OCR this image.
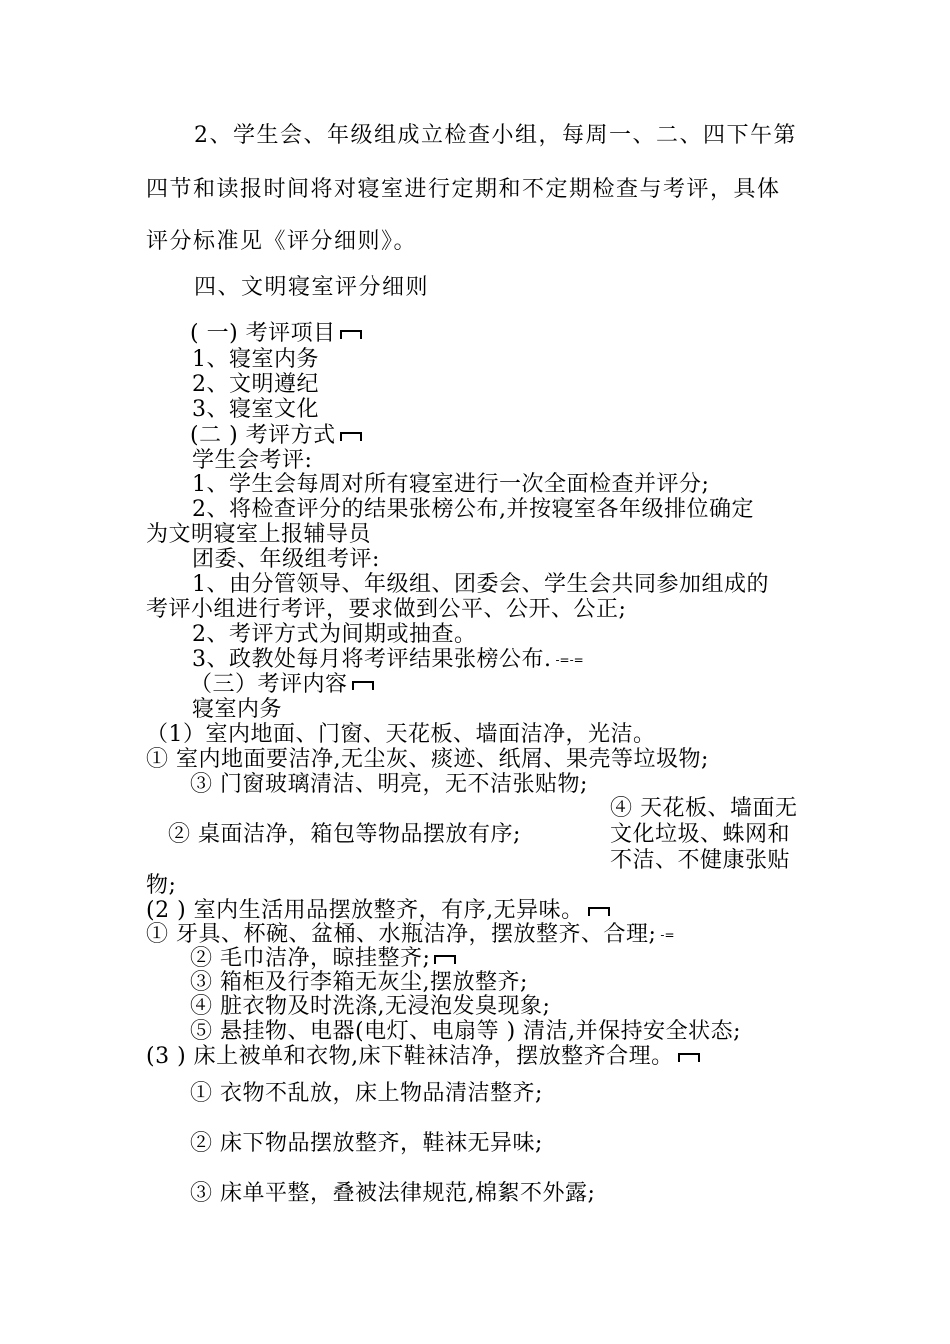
2、学生会、年级组成立检查小组，每周一、二、四下午第
四节和读报时间将对寝室进行定期和不定期检查与考评，具体
评分标准见《评分细则》。
四、文明寝室评分细则
( 一) 考评项目
1、寝室内务
2、文明遵纪
3、寝室文化
(二 ) 考评方式
学生会考评:
1、学生会每周对所有寝室进行一次全面检查并评分;
2、将检查评分的结果张榜公布,并按寝室各年级排位确定
为文明寝室上报辅导员
团委、年级组考评:
1、由分管领导、年级组、团委会、学生会共同参加组成的
考评小组进行考评，要求做到公平、公开、公正;
2、考评方式为间期或抽查。
3、政教处每月将考评结果张榜公布. -=-=
（三）考评内容
寝室内务
（1）室内地面、门窗、天花板、墙面洁净，光洁。
① 室内地面要洁净,无尘灰、痰迹、纸屑、果壳等垃圾物;
③ 门窗玻璃清洁、明亮，无不洁张贴物;
② 桌面洁净，箱包等物品摆放有序;
④ 天花板、墙面无文化垃圾、蛛网和不洁、不健康张贴
物;
(2 ) 室内生活用品摆放整齐，有序,无异味。
① 牙具、杯碗、盆桶、水瓶洁净，摆放整齐、合理; -=
② 毛巾洁净，晾挂整齐;
③ 箱柜及行李箱无灰尘,摆放整齐;
④ 脏衣物及时洗涤,无浸泡发臭现象;
⑤ 悬挂物、电器(电灯、电扇等 ) 清洁,并保持安全状态;
(3 ) 床上被单和衣物,床下鞋袜洁净，摆放整齐合理。
① 衣物不乱放，床上物品清洁整齐;
② 床下物品摆放整齐，鞋袜无异味;
③ 床单平整，叠被法律规范,棉絮不外露;
